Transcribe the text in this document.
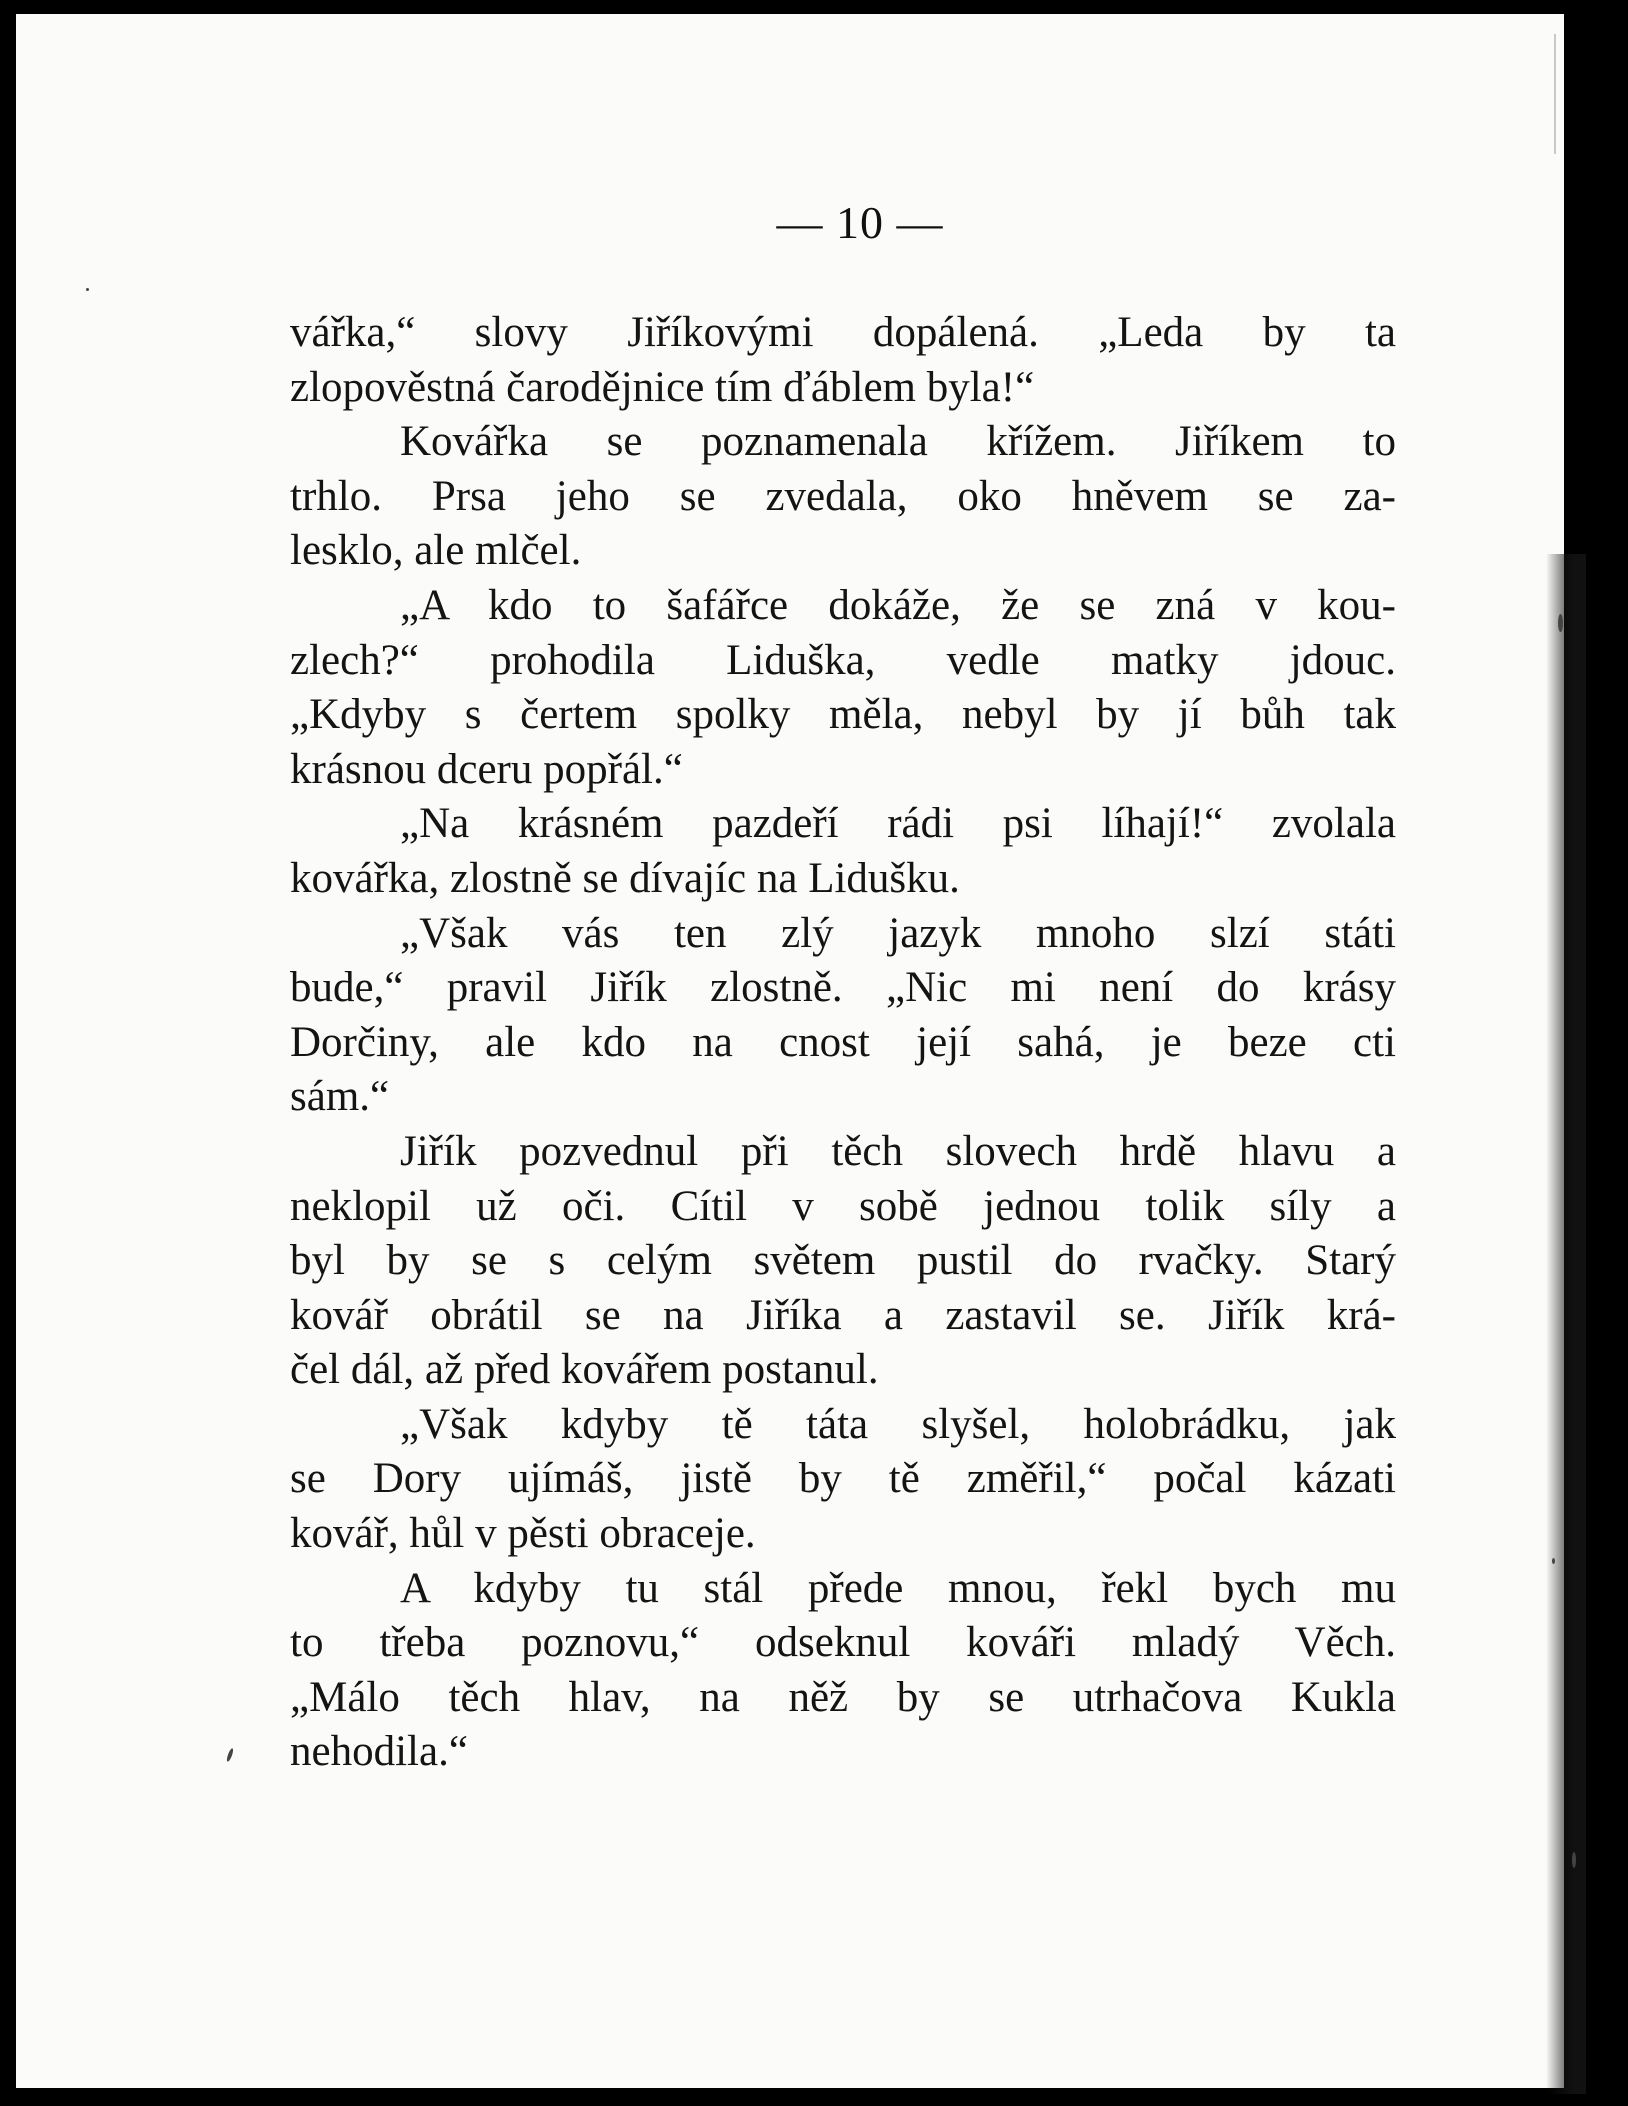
— 10 —
vářka,“ slovy Jiříkovými dopálená. „Leda by ta
zlopověstná čarodějnice tím ďáblem byla!“
Kovářka se poznamenala křížem. Jiříkem to
trhlo. Prsa jeho se zvedala, oko hněvem se za-
lesklo, ale mlčel.
„A kdo to šafářce dokáže, že se zná v kou-
zlech?“ prohodila Liduška, vedle matky jdouc.
„Kdyby s čertem spolky měla, nebyl by jí bůh tak
krásnou dceru popřál.“
„Na krásném pazdeří rádi psi líhají!“ zvolala
kovářka, zlostně se dívajíc na Lidušku.
„Však vás ten zlý jazyk mnoho slzí státi
bude,“ pravil Jiřík zlostně. „Nic mi není do krásy
Dorčiny, ale kdo na cnost její sahá, je beze cti
sám.“
Jiřík pozvednul při těch slovech hrdě hlavu a
neklopil už oči. Cítil v sobě jednou tolik síly a
byl by se s celým světem pustil do rvačky. Starý
kovář obrátil se na Jiříka a zastavil se. Jiřík krá-
čel dál, až před kovářem postanul.
„Však kdyby tě táta slyšel, holobrádku, jak
se Dory ujímáš, jistě by tě změřil,“ počal kázati
kovář, hůl v pěsti obraceje.
A kdyby tu stál přede mnou, řekl bych mu
to třeba poznovu,“ odseknul kováři mladý Věch.
„Málo těch hlav, na něž by se utrhačova Kukla
nehodila.“
